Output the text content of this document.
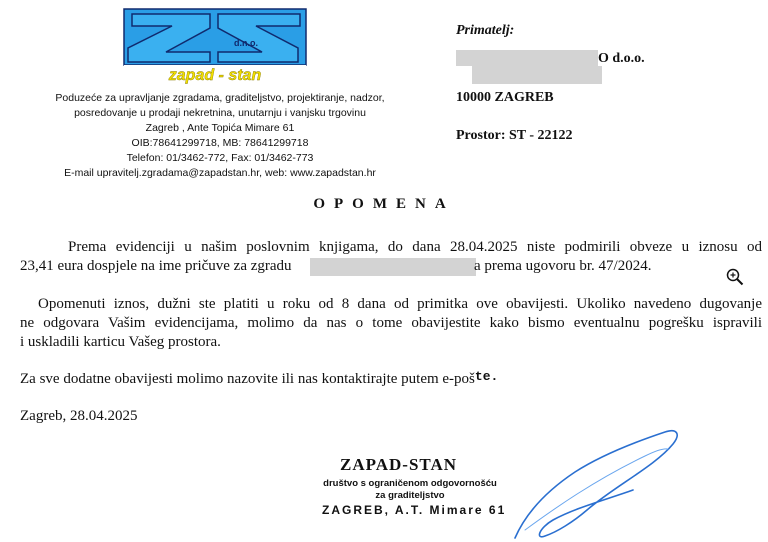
d.n.o.
zapad - stan
Poduzeće za upravljanje zgradama, graditeljstvo, projektiranje, nadzor,
posredovanje u prodaji nekretnina, unutarnju i vanjsku trgovinu
Zagreb , Ante Topića Mimare 61
OIB:78641299718, MB: 78641299718
Telefon: 01/3462-772, Fax: 01/3462-773
E-mail upravitelj.zgradama@zapadstan.hr, web: www.zapadstan.hr
Primatelj:
O d.o.o.
10000 ZAGREB
Prostor: ST - 22122
OPOMENA
Prema evidenciji u našim poslovnim knjigama, do dana 28.04.2025 niste podmirili obveze u iznosu od
23,41 eura dospjele na ime pričuve za zgradu	a prema ugovoru br. 47/2024.
Opomenuti iznos, dužni ste platiti u roku od 8 dana od primitka ove obavijesti. Ukoliko navedeno dugovanje
ne odgovara Vašim evidencijama, molimo da nas o tome obavijestite kako bismo eventualnu pogrešku ispravili
i uskladili karticu Vašeg prostora.
Za sve dodatne obavijesti molimo nazovite ili nas kontaktirajte putem e-pošte.
Zagreb, 28.04.2025
ZAPAD-STAN
društvo s ograničenom odgovornošću
za graditeljstvo
ZAGREB, A.T. Mimare 61
